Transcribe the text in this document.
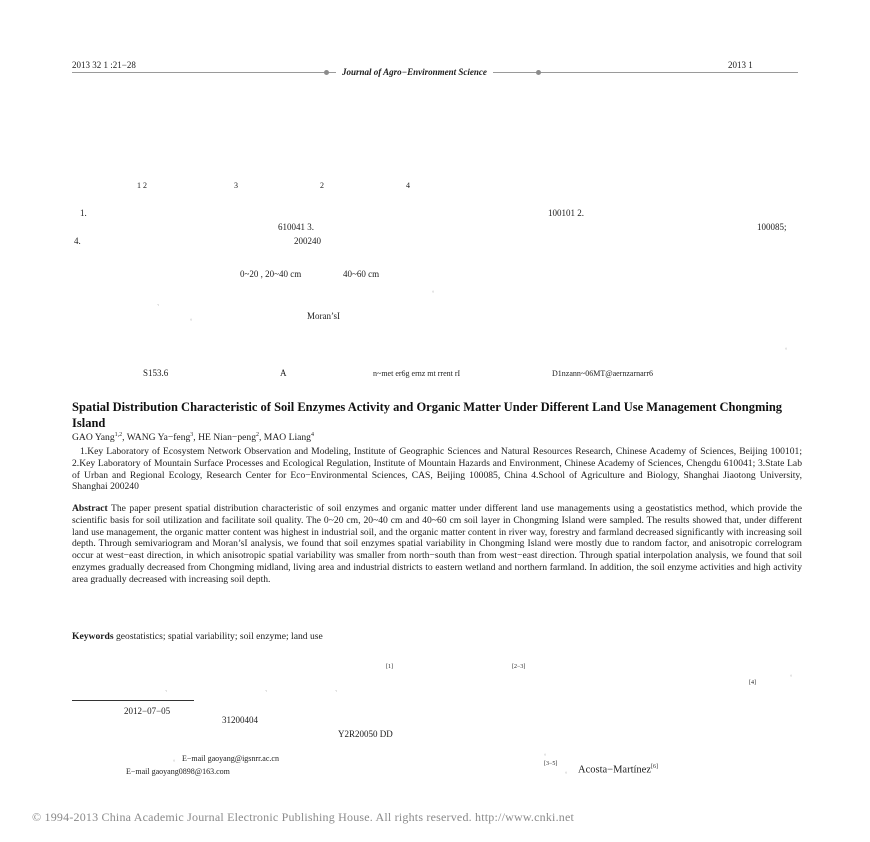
2013 32 1 :21−28	2013 1
Journal of Agro−Environment Science
1 2	3	2	4
1.	100101 2.
610041 3.	100085;
4.	200240
0~20 , 20~40 cm	40~60 cm
。
、
。	Moran’sI
。
S153.6	A	n~met er6g ernz mt rrent rI	D1nzann~06MT@aernzarnarr6
Spatial Distribution Characteristic of Soil Enzymes Activity and Organic Matter Under Different Land Use Management Chongming Island
GAO Yang$^{1,2}$, WANG Ya−feng$^3$, HE Nian−peng$^2$, MAO Liang$^4$
1.Key Laboratory of Ecosystem Network Observation and Modeling, Institute of Geographic Sciences and Natural Resources Research, Chinese Academy of Sciences, Beijing 100101; 2.Key Laboratory of Mountain Surface Processes and Ecological Regulation, Institute of Mountain Hazards and Environment, Chinese Academy of Sciences, Chengdu 610041; 3.State Lab of Urban and Regional Ecology, Research Center for Eco−Environmental Sciences, CAS, Beijing 100085, China 4.School of Agriculture and Biology, Shanghai Jiaotong University, Shanghai 200240
Abstract The paper present spatial distribution characteristic of soil enzymes and organic matter under different land use managements using a geostatistics method, which provide the scientific basis for soil utilization and facilitate soil quality. The 0~20 cm, 20~40 cm and 40~60 cm soil layer in Chongming Island were sampled. The results showed that, under different land use management, the organic matter content was highest in industrial soil, and the organic matter content in river way, forestry and farmland decreased significantly with increasing soil depth. Through semivariogram and Moran’sI analysis, we found that soil enzymes spatial variability in Chongming Island were mostly due to random factor, and anisotropic correlogram occur at west−east direction, in which anisotropic spatial variability was smaller from north−south than from west−east direction. Through spatial interpolation analysis, we found that soil enzymes gradually decreased from Chongming midland, living area and industrial districts to eastern wetland and northern farmland. In addition, the soil enzyme activities and high activity area gradually decreased with increasing soil depth.
Keywords geostatistics; spatial variability; soil enzyme; land use
[1]	[2−3]
[4]
。
、	、	、
2012−07−05
31200404
Y2R20050 DD
。 E−mail gaoyang@igsnrr.ac.cn
E−mail gaoyang0898@163.com
。
[3−5]
。 Acosta−Martínez[6]
© 1994-2013 China Academic Journal Electronic Publishing House. All rights reserved. http://www.cnki.net
